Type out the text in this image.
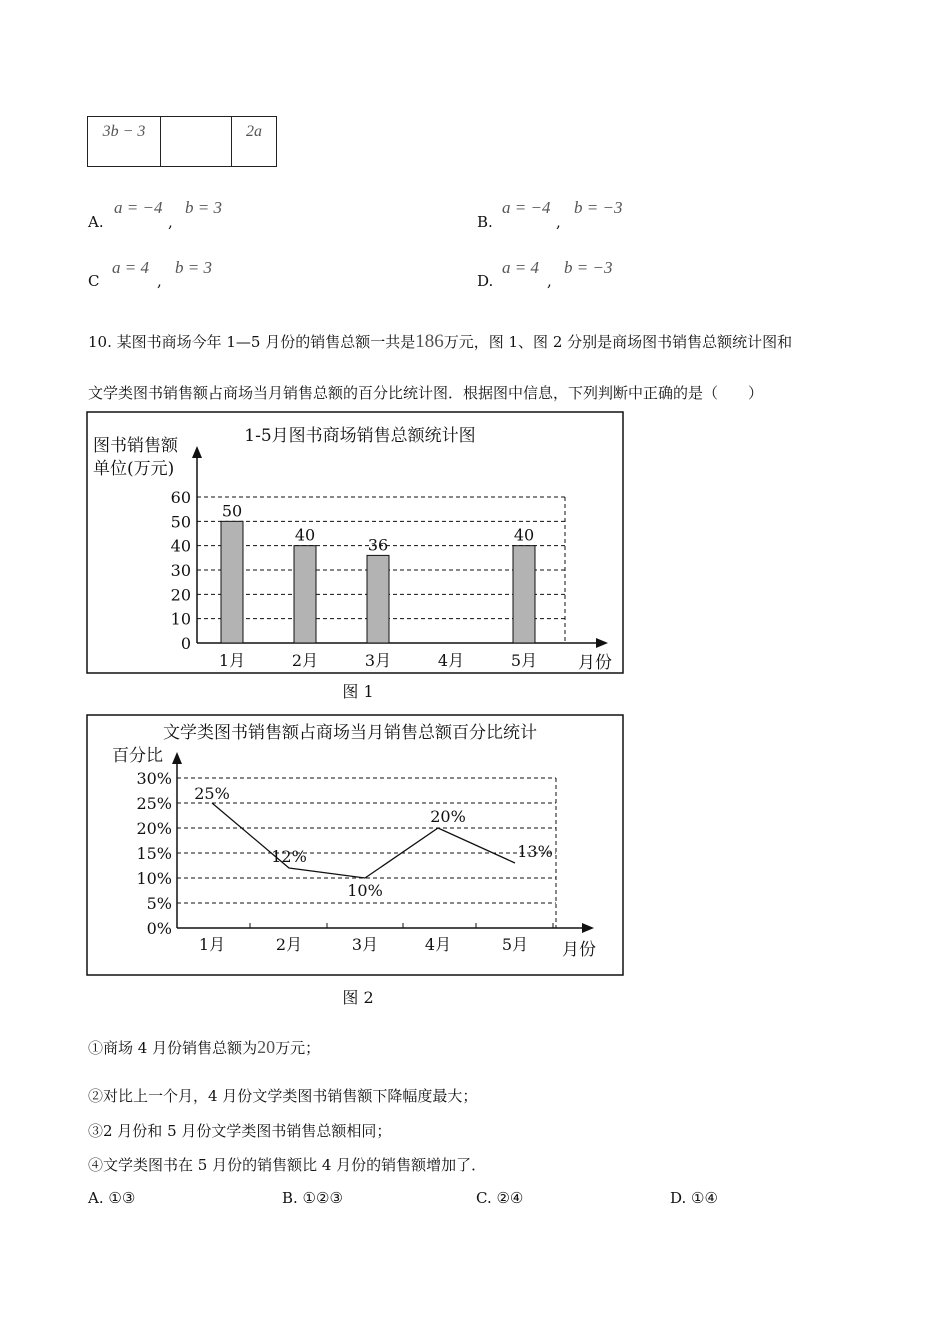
3b − 3		2a
A.
a = −4
,
b = 3
B.
a = −4
,
b = −3
C
a = 4
,
b = 3
D.
a = 4
,
b = −3
10. 某图书商场今年 1—5 月份的销售总额一共是186万元，图 1、图 2 分别是商场图书销售总额统计图和
文学类图书销售额占商场当月销售总额的百分比统计图．根据图中信息，下列判断中正确的是（　　）
1-5月图书商场销售总额统计图
图书销售额
单位(万元)
0
10
20
30
40
50
60
1月
50
2月
40
3月
36
4月	5月
40
月份
图 1
文学类图书销售额占商场当月销售总额百分比统计
百分比
0%
5%
10%
15%
20%
25%
30%
1月	2月	3月	4月	5月
25%
12%
10%
20%
13%
月份
图 2
①商场 4 月份销售总额为20万元；
②对比上一个月，4 月份文学类图书销售额下降幅度最大；
③2 月份和 5 月份文学类图书销售总额相同；
④文学类图书在 5 月份的销售额比 4 月份的销售额增加了．
A. ①③	B. ①②③	C. ②④	D. ①④
